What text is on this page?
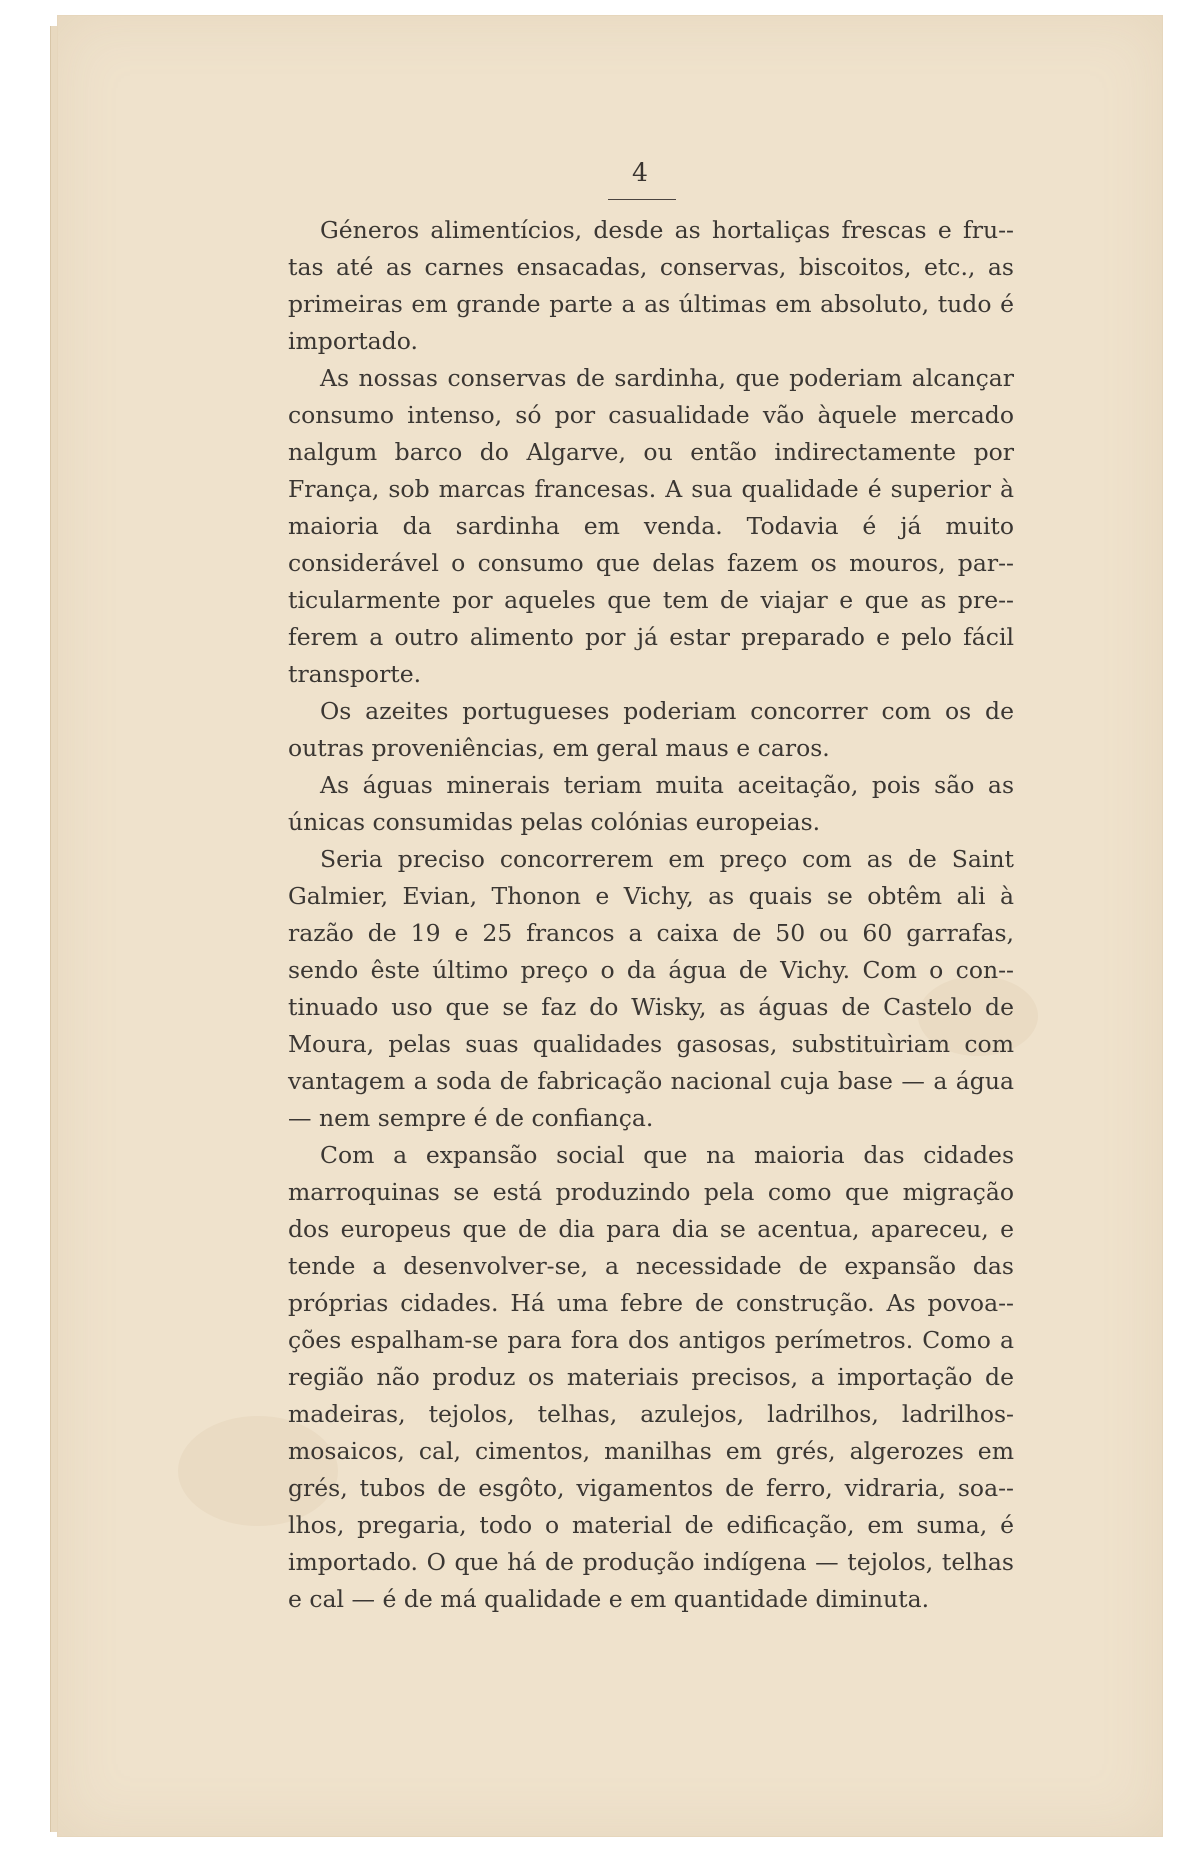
4

Géneros alimentícios, desde as hortaliças frescas e fru-tas até as carnes ensacadas, conservas, biscoitos, etc., as primeiras em grande parte a as últimas em absoluto, tudo é importado.

As nossas conservas de sardinha, que poderiam alcançar consumo intenso, só por casualidade vão àquele mercado nalgum barco do Algarve, ou então indirectamente por França, sob marcas francesas. A sua qualidade é superior à maioria da sardinha em venda. Todavia é já muito considerável o consumo que delas fazem os mouros, par-ticularmente por aqueles que tem de viajar e que as pre-ferem a outro alimento por já estar preparado e pelo fácil transporte.

Os azeites portugueses poderiam concorrer com os de outras proveniências, em geral maus e caros.

As águas minerais teriam muita aceitação, pois são as únicas consumidas pelas colónias europeias.

Seria preciso concorrerem em preço com as de Saint Galmier, Evian, Thonon e Vichy, as quais se obtêm ali à razão de 19 e 25 francos a caixa de 50 ou 60 garrafas, sendo êste último preço o da água de Vichy. Com o con-tinuado uso que se faz do Wisky, as águas de Castelo de Moura, pelas suas qualidades gasosas, substituìriam com vantagem a soda de fabricação nacional cuja base — a água — nem sempre é de confiança.

Com a expansão social que na maioria das cidades marroquinas se está produzindo pela como que migração dos europeus que de dia para dia se acentua, apareceu, e tende a desenvolver-se, a necessidade de expansão das próprias cidades. Há uma febre de construção. As povoa-ções espalham-se para fora dos antigos perímetros. Como a região não produz os materiais precisos, a importação de madeiras, tejolos, telhas, azulejos, ladrilhos, ladrilhos-mosaicos, cal, cimentos, manilhas em grés, algerozes em grés, tubos de esgôto, vigamentos de ferro, vidraria, soa-lhos, pregaria, todo o material de edificação, em suma, é importado. O que há de produção indígena — tejolos, telhas e cal — é de má qualidade e em quantidade diminuta.
